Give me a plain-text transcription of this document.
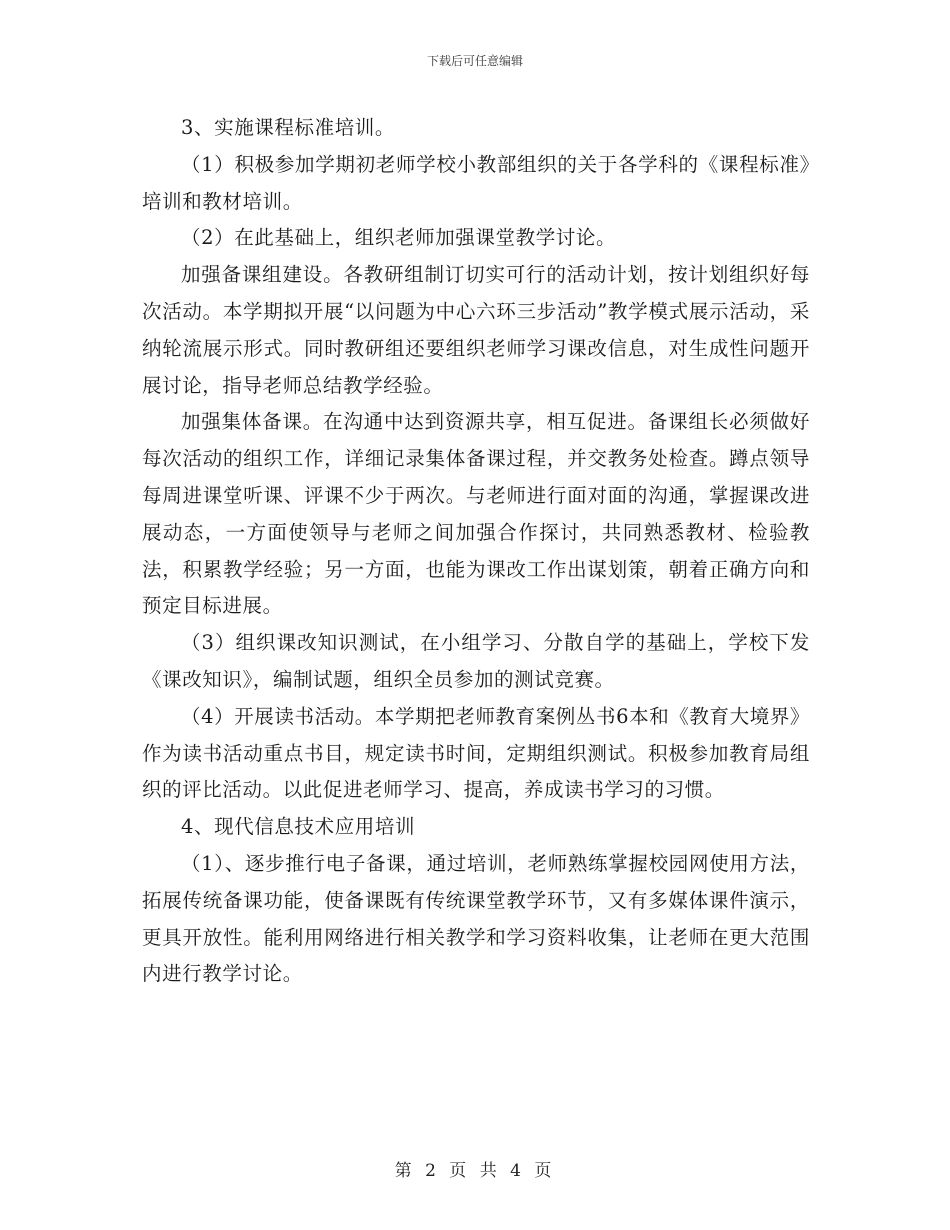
下载后可任意编辑

3、实施课程标准培训。

（1）积极参加学期初老师学校小教部组织的关于各学科的《课程标准》培训和教材培训。

（2）在此基础上，组织老师加强课堂教学讨论。

加强备课组建设。各教研组制订切实可行的活动计划，按计划组织好每次活动。本学期拟开展“以问题为中心六环三步活动”教学模式展示活动，采纳轮流展示形式。同时教研组还要组织老师学习课改信息，对生成性问题开展讨论，指导老师总结教学经验。

加强集体备课。在沟通中达到资源共享，相互促进。备课组长必须做好每次活动的组织工作，详细记录集体备课过程，并交教务处检查。蹲点领导每周进课堂听课、评课不少于两次。与老师进行面对面的沟通，掌握课改进展动态，一方面使领导与老师之间加强合作探讨，共同熟悉教材、检验教法，积累教学经验；另一方面，也能为课改工作出谋划策，朝着正确方向和预定目标进展。

（3）组织课改知识测试，在小组学习、分散自学的基础上，学校下发《课改知识》，编制试题，组织全员参加的测试竞赛。

（4）开展读书活动。本学期把老师教育案例丛书6本和《教育大境界》作为读书活动重点书目，规定读书时间，定期组织测试。积极参加教育局组织的评比活动。以此促进老师学习、提高，养成读书学习的习惯。

4、现代信息技术应用培训

（1）、逐步推行电子备课，通过培训，老师熟练掌握校园网使用方法，拓展传统备课功能，使备课既有传统课堂教学环节，又有多媒体课件演示，更具开放性。能利用网络进行相关教学和学习资料收集，让老师在更大范围内进行教学讨论。

第 2 页 共 4 页
